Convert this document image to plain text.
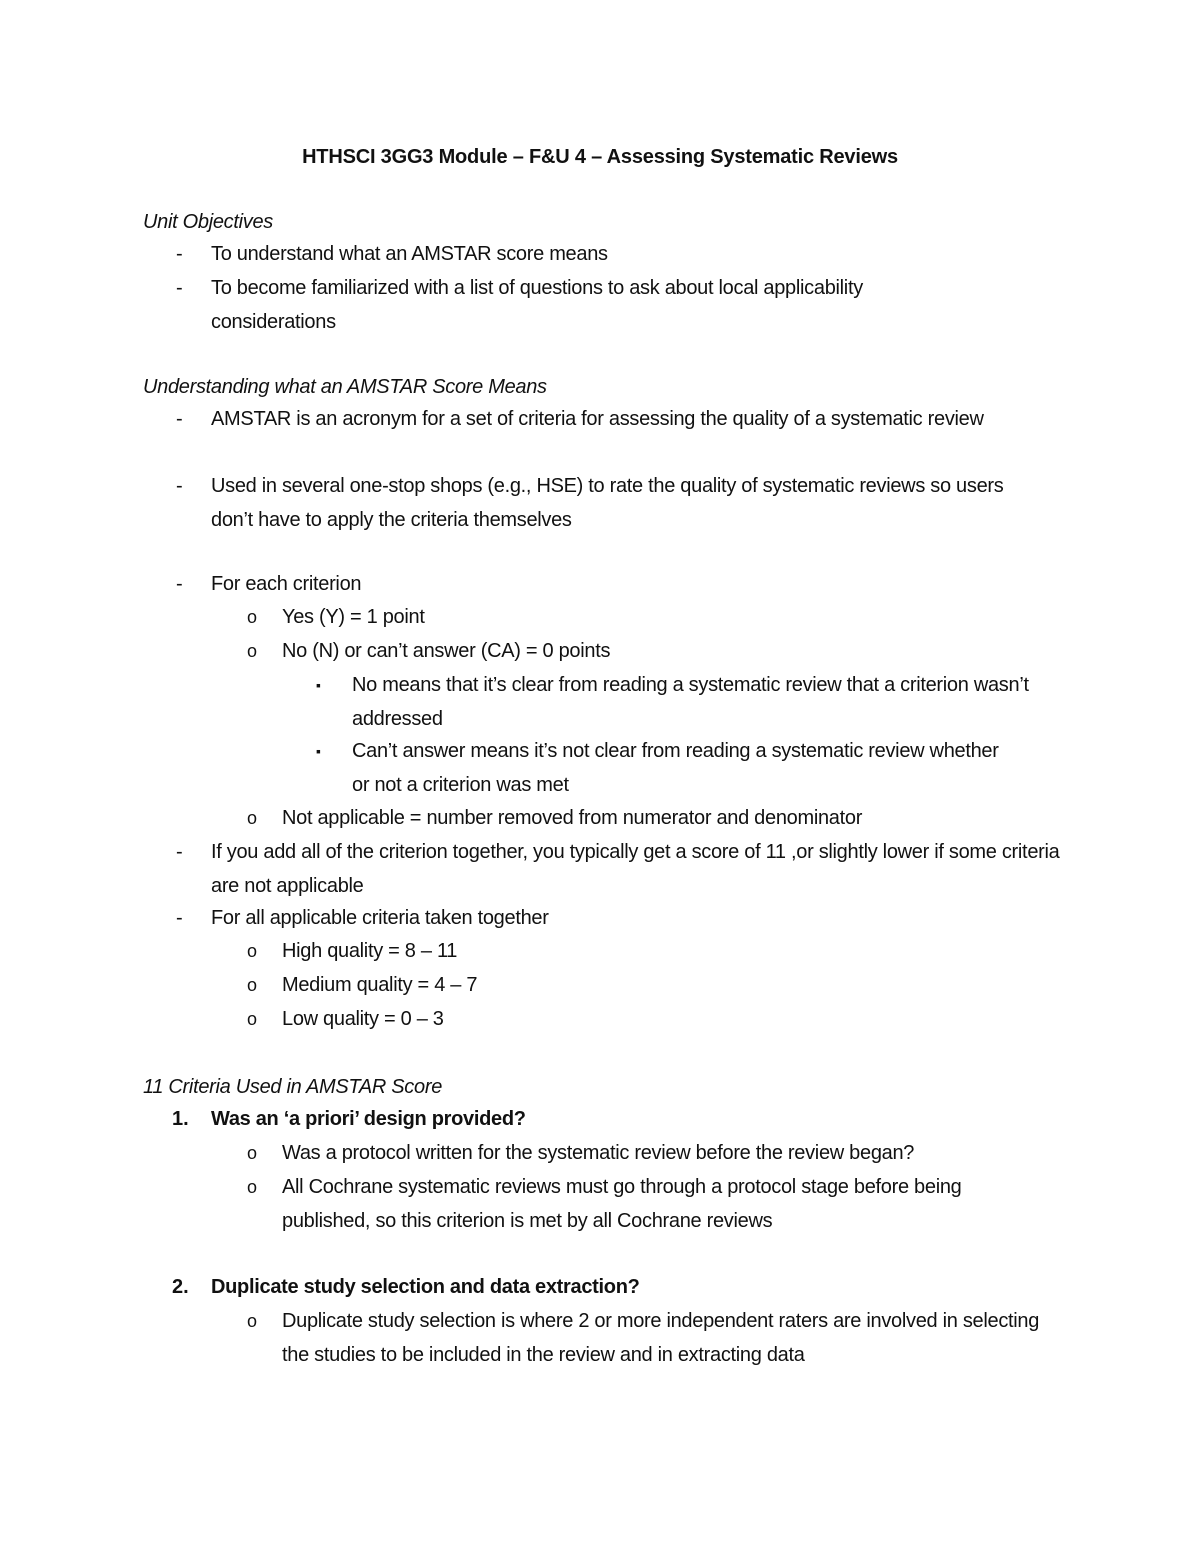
HTHSCI 3GG3 Module – F&U 4 – Assessing Systematic Reviews
Unit Objectives
- To understand what an AMSTAR score means
- To become familiarized with a list of questions to ask about local applicability considerations
Understanding what an AMSTAR Score Means
- AMSTAR is an acronym for a set of criteria for assessing the quality of a systematic review
- Used in several one-stop shops (e.g., HSE) to rate the quality of systematic reviews so users don’t have to apply the criteria themselves
- For each criterion
o Yes (Y) = 1 point
o No (N) or can’t answer (CA) = 0 points
▪ No means that it’s clear from reading a systematic review that a criterion wasn’t addressed
▪ Can’t answer means it’s not clear from reading a systematic review whether or not a criterion was met
o Not applicable = number removed from numerator and denominator
- If you add all of the criterion together, you typically get a score of 11 ,or slightly lower if some criteria are not applicable
- For all applicable criteria taken together
o High quality = 8 – 11
o Medium quality = 4 – 7
o Low quality = 0 – 3
11 Criteria Used in AMSTAR Score
1. Was an ‘a priori’ design provided?
o Was a protocol written for the systematic review before the review began?
o All Cochrane systematic reviews must go through a protocol stage before being published, so this criterion is met by all Cochrane reviews
2. Duplicate study selection and data extraction?
o Duplicate study selection is where 2 or more independent raters are involved in selecting the studies to be included in the review and in extracting data
